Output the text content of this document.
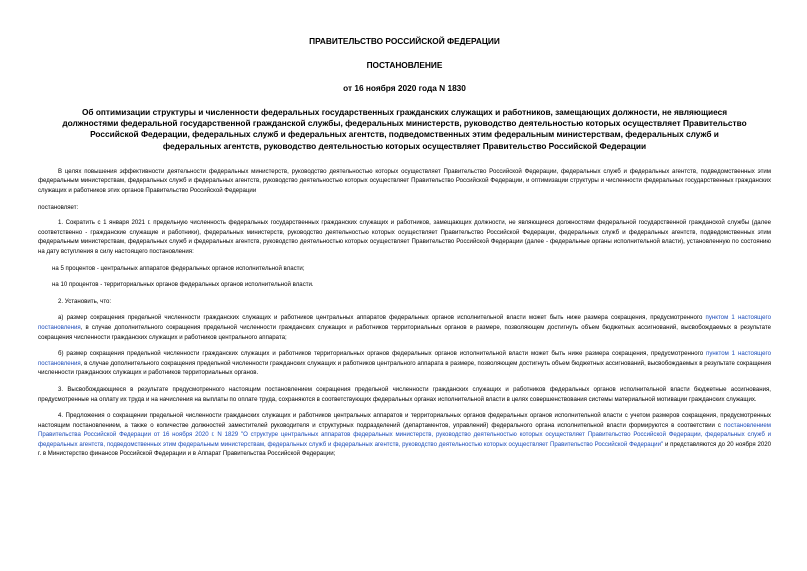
ПРАВИТЕЛЬСТВО РОССИЙСКОЙ ФЕДЕРАЦИИ
ПОСТАНОВЛЕНИЕ
от 16 ноября 2020 года N 1830
Об оптимизации структуры и численности федеральных государственных гражданских служащих и работников, замещающих должности, не являющиеся должностями федеральной государственной гражданской службы, федеральных министерств, руководство деятельностью которых осуществляет Правительство Российской Федерации, федеральных служб и федеральных агентств, подведомственных этим федеральным министерствам, федеральных служб и федеральных агентств, руководство деятельностью которых осуществляет Правительство Российской Федерации

В целях повышения эффективности деятельности федеральных министерств, руководство деятельностью которых осуществляет Правительство Российской Федерации, федеральных служб и федеральных агентств, подведомственных этим федеральным министерствам, федеральных служб и федеральных агентств, руководство деятельностью которых осуществляет Правительство Российской Федерации, и оптимизации структуры и численности федеральных государственных гражданских служащих и работников этих органов Правительство Российской Федерации

постановляет:

1. Сократить с 1 января 2021 г. предельную численность федеральных государственных гражданских служащих и работников, замещающих должности, не являющиеся должностями федеральной государственной гражданской службы (далее соответственно - гражданские служащие и работники), федеральных министерств, руководство деятельностью которых осуществляет Правительство Российской Федерации, федеральных служб и федеральных агентств, подведомственных этим федеральным министерствам, федеральных служб и федеральных агентств, руководство деятельностью которых осуществляет Правительство Российской Федерации (далее - федеральные органы исполнительной власти), установленную по состоянию на дату вступления в силу настоящего постановления:

на 5 процентов - центральных аппаратов федеральных органов исполнительной власти;

на 10 процентов - территориальных органов федеральных органов исполнительной власти.

2. Установить, что:

а) размер сокращения предельной численности гражданских служащих и работников центральных аппаратов федеральных органов исполнительной власти может быть ниже размера сокращения, предусмотренного пунктом 1 настоящего постановления, в случае дополнительного сокращения предельной численности гражданских служащих и работников территориальных органов в размере, позволяющем достигнуть объем бюджетных ассигнований, высвобождаемых в результате сокращения численности гражданских служащих и работников центрального аппарата;

б) размер сокращения предельной численности гражданских служащих и работников территориальных органов федеральных органов исполнительной власти может быть ниже размера сокращения, предусмотренного пунктом 1 настоящего постановления, в случае дополнительного сокращения предельной численности гражданских служащих и работников центрального аппарата в размере, позволяющем достигнуть объем бюджетных ассигнований, высвобождаемых в результате сокращения численности гражданских служащих и работников территориальных органов.

3. Высвобождающиеся в результате предусмотренного настоящим постановлением сокращения предельной численности гражданских служащих и работников федеральных органов исполнительной власти бюджетные ассигнования, предусмотренные на оплату их труда и на начисления на выплаты по оплате труда, сохраняются в соответствующих федеральных органах исполнительной власти в целях совершенствования системы материальной мотивации гражданских служащих.

4. Предложения о сокращении предельной численности гражданских служащих и работников центральных аппаратов и территориальных органов федеральных органов исполнительной власти с учетом размеров сокращения, предусмотренных настоящим постановлением, а также о количестве должностей заместителей руководителя и структурных подразделений (департаментов, управлений) федерального органа исполнительной власти формируются в соответствии с постановлением Правительства Российской Федерации от 16 ноября 2020 г. N 1829 "О структуре центральных аппаратов федеральных министерств, руководство деятельностью которых осуществляет Правительство Российской Федерации, федеральных служб и федеральных агентств, подведомственных этим федеральным министерствам, федеральных служб и федеральных агентств, руководство деятельностью которых осуществляет Правительство Российской Федерации" и представляются до 20 ноября 2020 г. в Министерство финансов Российской Федерации и в Аппарат Правительства Российской Федерации;
